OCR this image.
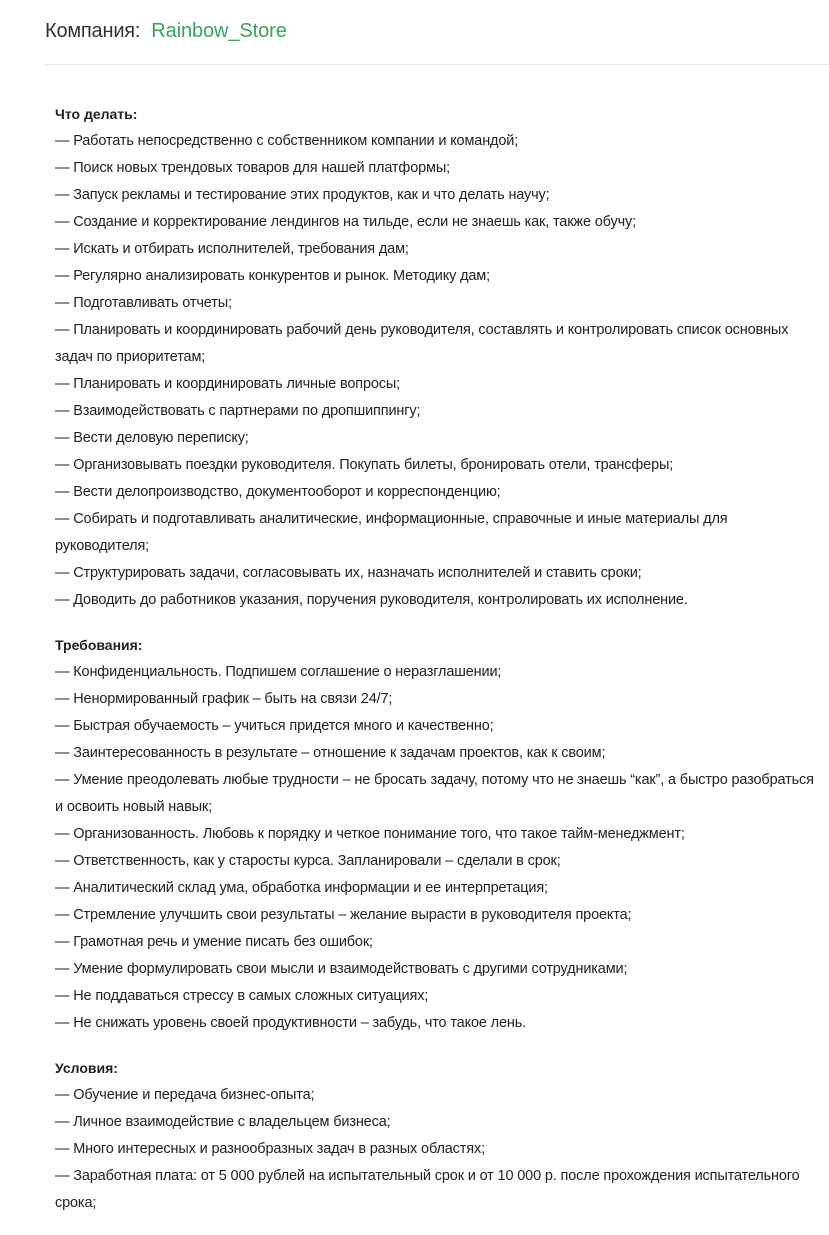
Компания: Rainbow_Store
Что делать:
— Работать непосредственно с собственником компании и командой;
— Поиск новых трендовых товаров для нашей платформы;
— Запуск рекламы и тестирование этих продуктов, как и что делать научу;
— Создание и корректирование лендингов на тильде, если не знаешь как, также обучу;
— Искать и отбирать исполнителей, требования дам;
— Регулярно анализировать конкурентов и рынок. Методику дам;
— Подготавливать отчеты;
— Планировать и координировать рабочий день руководителя, составлять и контролировать список основных задач по приоритетам;
— Планировать и координировать личные вопросы;
— Взаимодействовать с партнерами по дропшиппингу;
— Вести деловую переписку;
— Организовывать поездки руководителя. Покупать билеты, бронировать отели, трансферы;
— Вести делопроизводство, документооборот и корреспонденцию;
— Собирать и подготавливать аналитические, информационные, справочные и иные материалы для руководителя;
— Структурировать задачи, согласовывать их, назначать исполнителей и ставить сроки;
— Доводить до работников указания, поручения руководителя, контролировать их исполнение.
Требования:
— Конфиденциальность. Подпишем соглашение о неразглашении;
— Ненормированный график – быть на связи 24/7;
— Быстрая обучаемость – учиться придется много и качественно;
— Заинтересованность в результате – отношение к задачам проектов, как к своим;
— Умение преодолевать любые трудности – не бросать задачу, потому что не знаешь “как”, а быстро разобраться и освоить новый навык;
— Организованность. Любовь к порядку и четкое понимание того, что такое тайм-менеджмент;
— Ответственность, как у старосты курса. Запланировали – сделали в срок;
— Аналитический склад ума, обработка информации и ее интерпретация;
— Стремление улучшить свои результаты – желание вырасти в руководителя проекта;
— Грамотная речь и умение писать без ошибок;
— Умение формулировать свои мысли и взаимодействовать с другими сотрудниками;
— Не поддаваться стрессу в самых сложных ситуациях;
— Не снижать уровень своей продуктивности – забудь, что такое лень.
Условия:
— Обучение и передача бизнес-опыта;
— Личное взаимодействие с владельцем бизнеса;
— Много интересных и разнообразных задач в разных областях;
— Заработная плата: от 5 000 рублей на испытательный срок и от 10 000 р. после прохождения испытательного срока;
